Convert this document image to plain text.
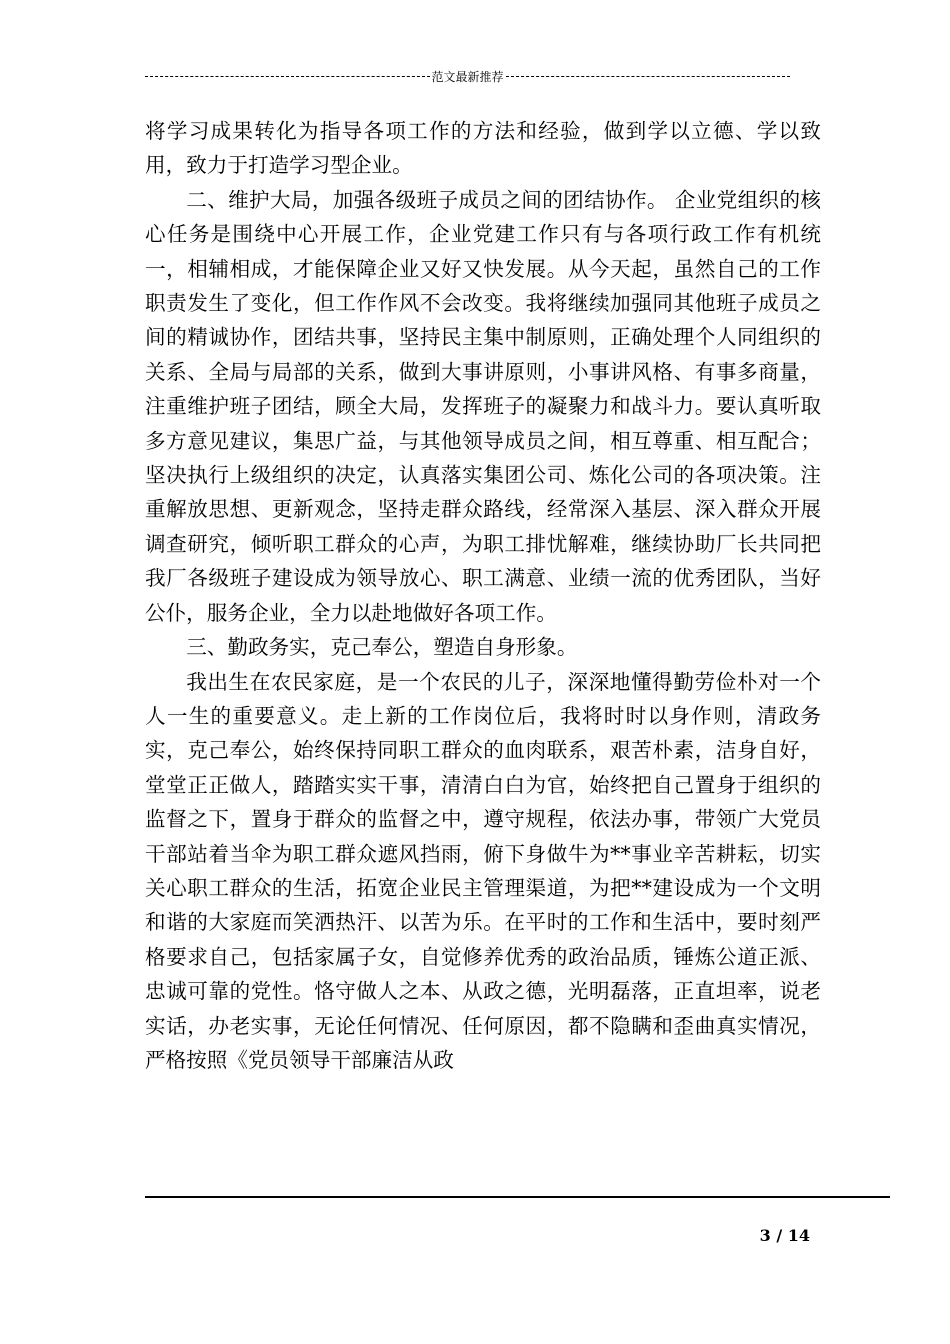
范文最新推荐

将学习成果转化为指导各项工作的方法和经验，做到学以立德、学以致用，致力于打造学习型企业。

二、维护大局，加强各级班子成员之间的团结协作。 企业党组织的核心任务是围绕中心开展工作，企业党建工作只有与各项行政工作有机统一，相辅相成，才能保障企业又好又快发展。从今天起，虽然自己的工作职责发生了变化，但工作作风不会改变。我将继续加强同其他班子成员之间的精诚协作，团结共事，坚持民主集中制原则，正确处理个人同组织的关系、全局与局部的关系，做到大事讲原则，小事讲风格、有事多商量，注重维护班子团结，顾全大局，发挥班子的凝聚力和战斗力。要认真听取多方意见建议，集思广益，与其他领导成员之间，相互尊重、相互配合；坚决执行上级组织的决定，认真落实集团公司、炼化公司的各项决策。注重解放思想、更新观念，坚持走群众路线，经常深入基层、深入群众开展调查研究，倾听职工群众的心声，为职工排忧解难，继续协助厂长共同把我厂各级班子建设成为领导放心、职工满意、业绩一流的优秀团队，当好公仆，服务企业，全力以赴地做好各项工作。

三、勤政务实，克己奉公，塑造自身形象。

我出生在农民家庭，是一个农民的儿子，深深地懂得勤劳俭朴对一个人一生的重要意义。走上新的工作岗位后，我将时时以身作则，清政务实，克己奉公，始终保持同职工群众的血肉联系，艰苦朴素，洁身自好，堂堂正正做人，踏踏实实干事，清清白白为官，始终把自己置身于组织的监督之下，置身于群众的监督之中，遵守规程，依法办事，带领广大党员干部站着当伞为职工群众遮风挡雨，俯下身做牛为**事业辛苦耕耘，切实关心职工群众的生活，拓宽企业民主管理渠道，为把**建设成为一个文明和谐的大家庭而笑洒热汗、以苦为乐。在平时的工作和生活中，要时刻严格要求自己，包括家属子女，自觉修养优秀的政治品质，锤炼公道正派、忠诚可靠的党性。恪守做人之本、从政之德，光明磊落，正直坦率，说老实话，办老实事，无论任何情况、任何原因，都不隐瞒和歪曲真实情况，严格按照《党员领导干部廉洁从政

3 / 14
